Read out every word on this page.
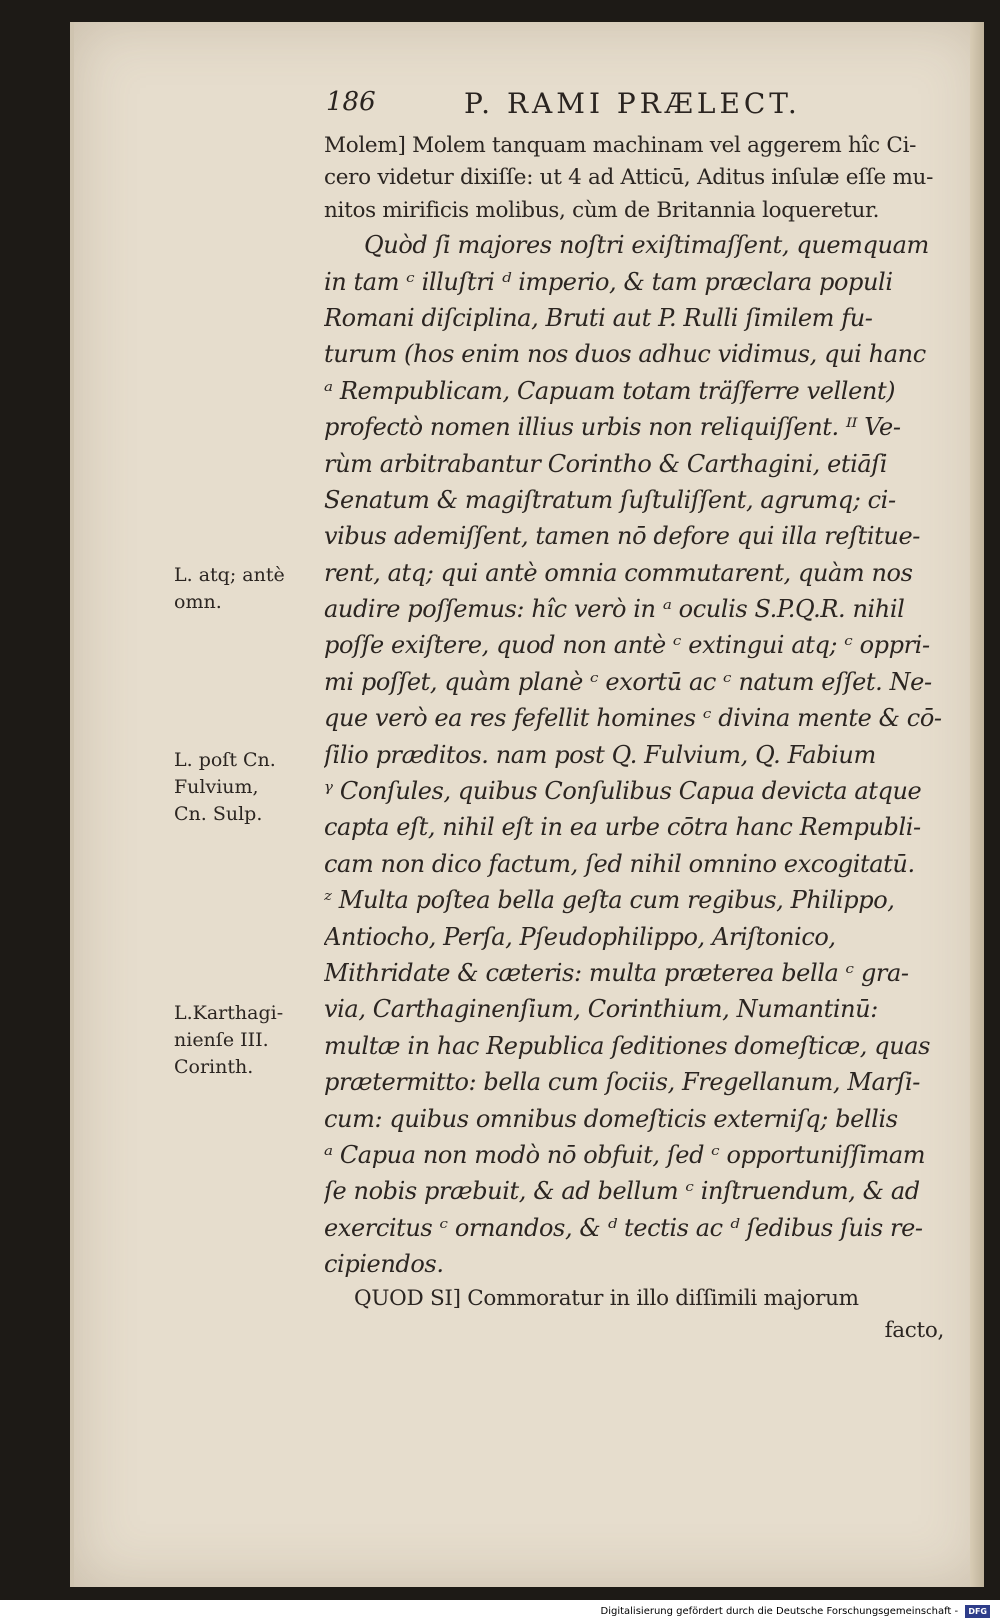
186	P. RAMI PRÆLECT.
Molem] Molem tanquam machinam vel aggerem hîc Ci-
cero videtur dixiſſe: ut 4 ad Atticū, Aditus inſulæ eſſe mu-
nitos mirificis molibus, cùm de Britannia loqueretur.
Quòd ſi majores noſtri exiſtimaſſent, quemquam
in tam ᶜ illuſtri ᵈ imperio, & tam præclara populi
Romani diſciplina, Bruti aut P. Rulli ſimilem fu-
turum (hos enim nos duos adhuc vidimus, qui hanc
ᵃ Rempublicam, Capuam totam träſferre vellent)
profectò nomen illius urbis non reliquiſſent. ᴵᴵ Ve-
rùm arbitrabantur Corintho & Carthagini, etiāſi
Senatum & magiſtratum ſuſtuliſſent, agrumq; ci-
vibus ademiſſent, tamen nō defore qui illa reſtitue-
rent, atq; qui antè omnia commutarent, quàm nos
audire poſſemus: hîc verò in ᵃ oculis S.P.Q.R. nihil
poſſe exiſtere, quod non antè ᶜ extingui atq; ᶜ oppri-
mi poſſet, quàm planè ᶜ exortū ac ᶜ natum eſſet. Ne-
que verò ea res fefellit homines ᶜ divina mente & cō-
ſilio præditos. nam post Q. Fulvium, Q. Fabium
ᵞ Conſules, quibus Conſulibus Capua devicta atque
capta eſt, nihil eſt in ea urbe cōtra hanc Rempubli-
cam non dico factum, ſed nihil omnino excogitatū.
ᶻ Multa poſtea bella geſta cum regibus, Philippo,
Antiocho, Perſa, Pſeudophilippo, Ariſtonico,
Mithridate & cæteris: multa præterea bella ᶜ gra-
via, Carthaginenſium, Corinthium, Numantinū:
multæ in hac Republica ſeditiones domeſticæ, quas
prætermitto: bella cum ſociis, Fregellanum, Marſi-
cum: quibus omnibus domeſticis externiſq; bellis
ᵃ Capua non modò nō obfuit, ſed ᶜ opportuniſſimam
ſe nobis præbuit, & ad bellum ᶜ inſtruendum, & ad
exercitus ᶜ ornandos, & ᵈ tectis ac ᵈ ſedibus ſuis re-
cipiendos.
QUOD SI] Commoratur in illo diſſimili majorum
facto,
L. atq; antè
omn.
L. poſt Cn.
Fulvium,
Cn. Sulp.
L.Karthagi-
nienſe III.
Corinth.
Digitalisierung gefördert durch die Deutsche Forschungsgemeinschaft - DFG
